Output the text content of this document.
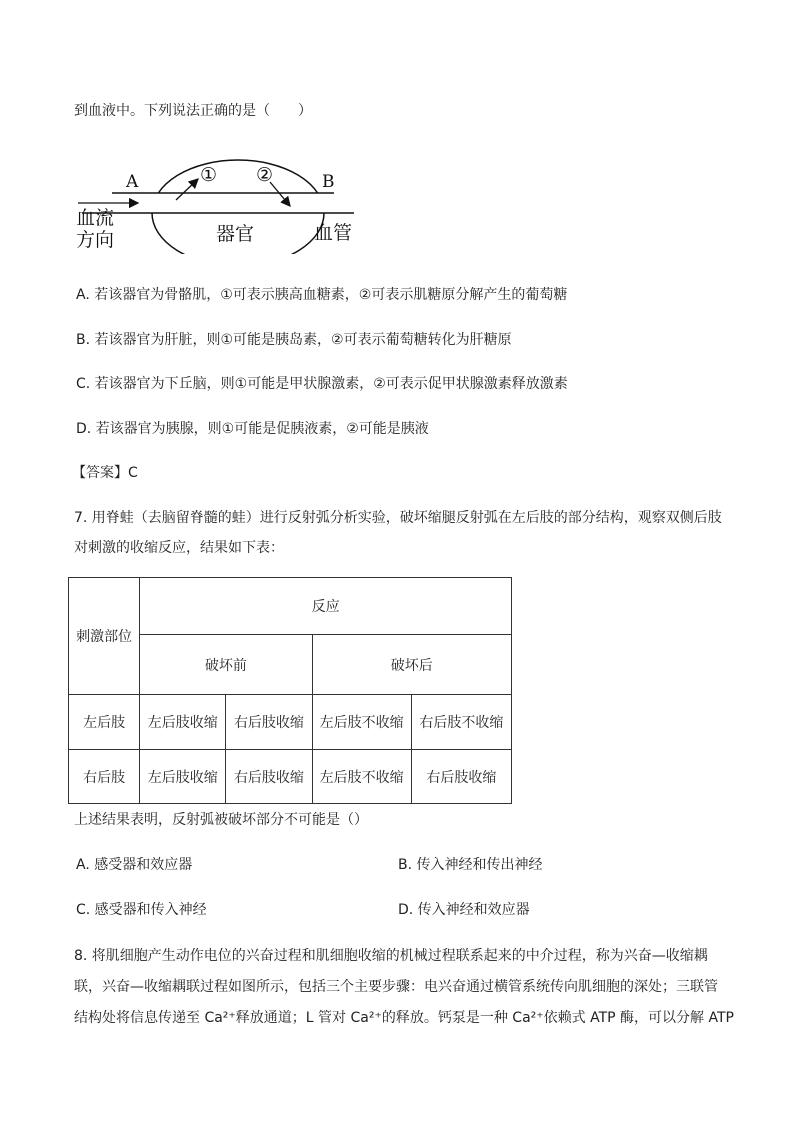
到血液中。下列说法正确的是（　　）
A	B
① ②
血流
方向	器官	血管
A. 若该器官为骨骼肌，①可表示胰高血糖素，②可表示肌糖原分解产生的葡萄糖
B. 若该器官为肝脏，则①可能是胰岛素，②可表示葡萄糖转化为肝糖原
C. 若该器官为下丘脑，则①可能是甲状腺激素，②可表示促甲状腺激素释放激素
D. 若该器官为胰腺，则①可能是促胰液素，②可能是胰液
【答案】C
7. 用脊蛙（去脑留脊髓的蛙）进行反射弧分析实验，破坏缩腿反射弧在左后肢的部分结构，观察双侧后肢
对刺激的收缩反应，结果如下表：
刺激部位	反应			
	破坏前		破坏后	
左后肢	左后肢收缩	右后肢收缩	左后肢不收缩	右后肢不收缩
右后肢	左后肢收缩	右后肢收缩	左后肢不收缩	右后肢收缩
上述结果表明，反射弧被破坏部分不可能是（）
A. 感受器和效应器	B. 传入神经和传出神经
C. 感受器和传入神经	D. 传入神经和效应器
8. 将肌细胞产生动作电位的兴奋过程和肌细胞收缩的机械过程联系起来的中介过程，称为兴奋—收缩耦
联，兴奋—收缩耦联过程如图所示，包括三个主要步骤：电兴奋通过横管系统传向肌细胞的深处；三联管
结构处将信息传递至 Ca²⁺释放通道；L 管对 Ca²⁺的释放。钙泵是一种 Ca²⁺依赖式 ATP 酶，可以分解 ATP
